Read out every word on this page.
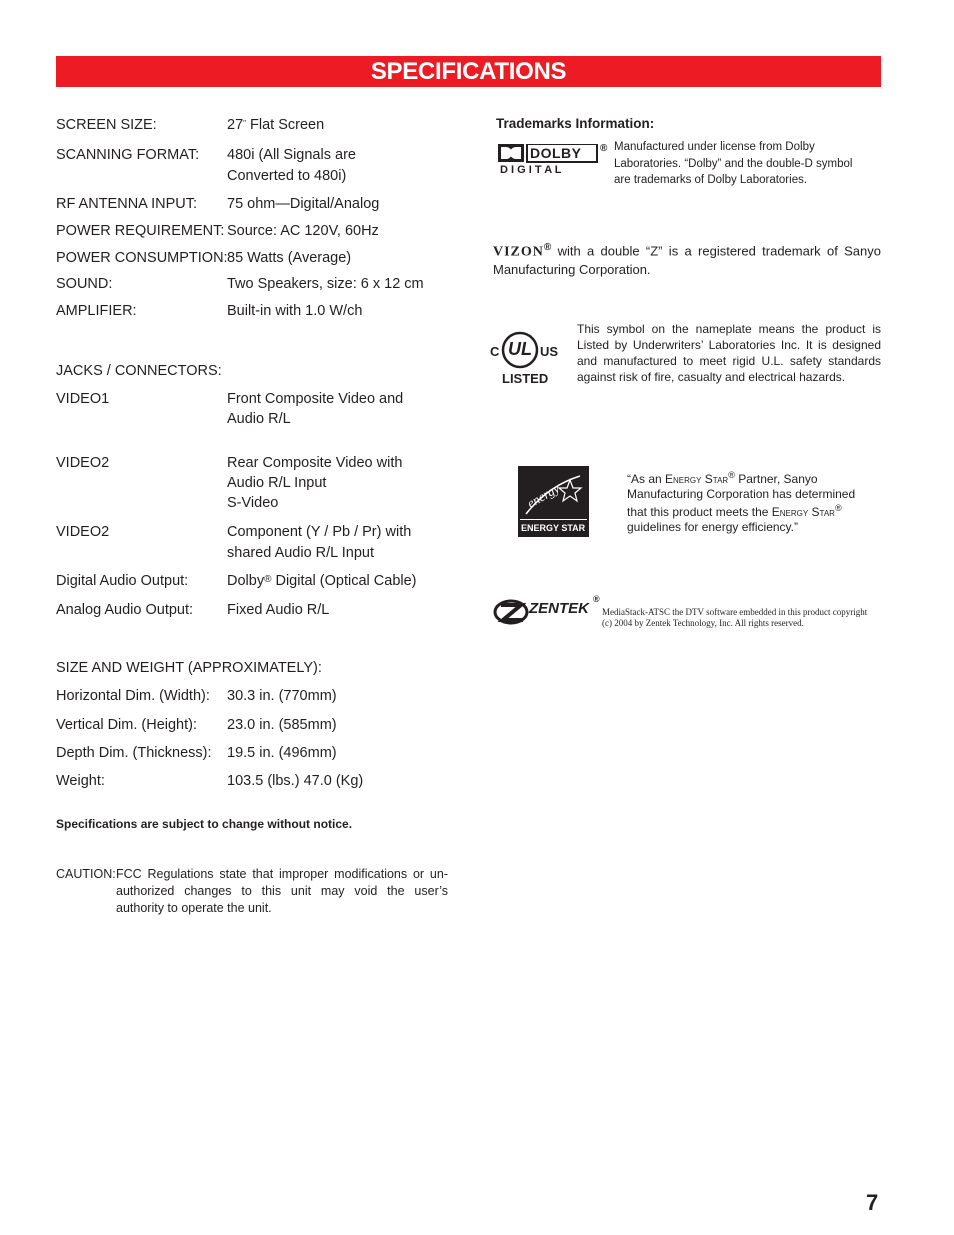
SPECIFICATIONS
SCREEN SIZE:	27" Flat Screen
SCANNING FORMAT: 480i (All Signals are
Converted to 480i)
RF ANTENNA INPUT: 75 ohm—Digital/Analog
POWER REQUIREMENT: Source: AC 120V, 60Hz
POWER CONSUMPTION: 85 Watts (Average)
SOUND:	Two Speakers, size: 6 x 12 cm
AMPLIFIER:	Built-in with 1.0 W/ch
JACKS / CONNECTORS:
VIDEO1	Front Composite Video and
Audio R/L
VIDEO2	Rear Composite Video with
Audio R/L Input
S-Video
VIDEO2	Component (Y / Pb / Pr) with
shared Audio R/L Input
Digital Audio Output:	Dolby® Digital (Optical Cable)
Analog Audio Output: Fixed Audio R/L
SIZE AND WEIGHT (APPROXIMATELY):
Horizontal Dim. (Width): 30.3 in. (770mm)
Vertical Dim. (Height): 23.0 in. (585mm)
Depth Dim. (Thickness): 19.5 in. (496mm)
Weight:	103.5 (lbs.) 47.0 (Kg)
Specifications are subject to change without notice.
CAUTION: FCC Regulations state that improper modifications or un-authorized changes to this unit may void the user’s authority to operate the unit.
Trademarks Information:
DOLBY ®
D I G I T A L
Manufactured under license from Dolby Laboratories. “Dolby” and the double-D symbol are trademarks of Dolby Laboratories.
VIZON® with a double “Z” is a registered trademark of Sanyo Manufacturing Corporation.
C UL US
LISTED
This symbol on the nameplate means the product is Listed by Underwriters’ Laboratories Inc. It is designed and manufactured to meet rigid U.L. safety standards against risk of fire, casualty and electrical hazards.
energy
ENERGY STAR
“As an Energy Star® Partner, Sanyo Manufacturing Corporation has determined that this product meets the Energy Star® guidelines for energy efficiency.”
ZENTEK
®
MediaStack-ATSC the DTV software embedded in this product copyright (c) 2004 by Zentek Technology, Inc. All rights reserved.
7
